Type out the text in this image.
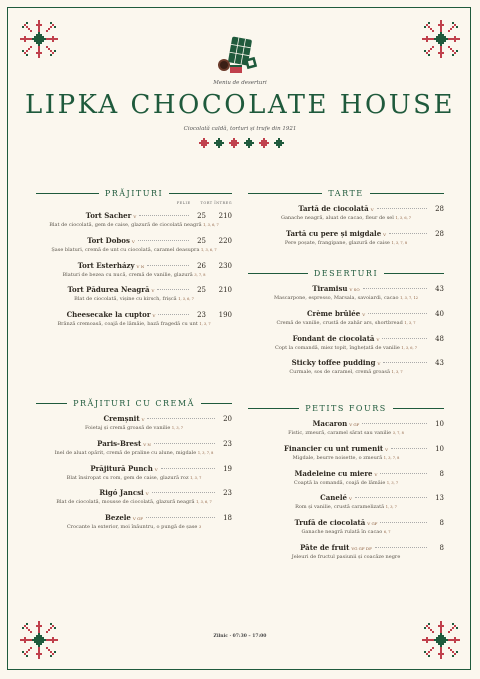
Meniu de deserturi
LIPKA CHOCOLATE HOUSE
Ciocolată caldă, torturi și trufe din 1921
PRĂJITURI
FELIE	TORT ÎNTREG
Tort Sacher V	25	210
Blat de ciocolată, gem de caise, glazură de ciocolată neagră 1, 3, 6, 7
Tort Dobos V	25	220
Șase blaturi, cremă de unt cu ciocolată, caramel deasupra 1, 3, 6, 7
Tort Esterházy V N	26	230
Blaturi de bezea cu nucă, cremă de vanilie, glazură 3, 7, 8
Tort Pădurea Neagră V	25	210
Blat de ciocolată, vișine cu kirsch, frișcă 1, 3, 6, 7
Cheesecake la cuptor V	23	190
Brânză cremoasă, coajă de lămâie, bază fragedă cu unt 1, 3, 7
PRĂJITURI CU CREMĂ
Cremșnit V	20
Foietaj și cremă groasă de vanilie 1, 3, 7
Paris-Brest V N	23
Inel de aluat opărit, cremă de praline cu alune, migdale 1, 3, 7, 8
Prăjitură Punch V	19
Blat însiropat cu rom, gem de caise, glazură roz 1, 3, 7
Rigó Jancsi V	23
Blat de ciocolată, mousse de ciocolată, glazură neagră 1, 3, 6, 7
Bezele V GF	18
Crocante la exterior, moi înăuntru, o pungă de șase 3
TARTE
Tartă de ciocolată V	28
Ganache neagră, aluat de cacao, fleur de sel 1, 3, 6, 7
Tartă cu pere și migdale V	28
Pere poșate, frangipane, glazură de caise 1, 3, 7, 8
DESERTURI
Tiramisu V SO	43
Mascarpone, espresso, Marsala, savoiardi, cacao 1, 3, 7, 12
Crème brûlée V	40
Cremă de vanilie, crustă de zahăr ars, shortbread 1, 3, 7
Fondant de ciocolată V	48
Copt la comandă, miez topit, înghețată de vanilie 1, 3, 6, 7
Sticky toffee pudding V	43
Curmale, sos de caramel, cremă groasă 1, 3, 7
PETITS FOURS
Macaron V GF	10
Fistic, zmeură, caramel sărat sau vanilie 3, 7, 8
Financier cu unt rumenit V	10
Migdale, beurre noisette, o zmeură 1, 3, 7, 8
Madeleine cu miere V	8
Coaptă la comandă, coajă de lămâie 1, 3, 7
Canelé V	13
Rom și vanilie, crustă caramelizată 1, 3, 7
Trufă de ciocolată V GF	8
Ganache neagră rulată în cacao 6, 7
Pâte de fruit VG GF DF	8
Jeleuri de fructul pasiunii și coacăze negre
Zilnic · 07:30 – 17:00
